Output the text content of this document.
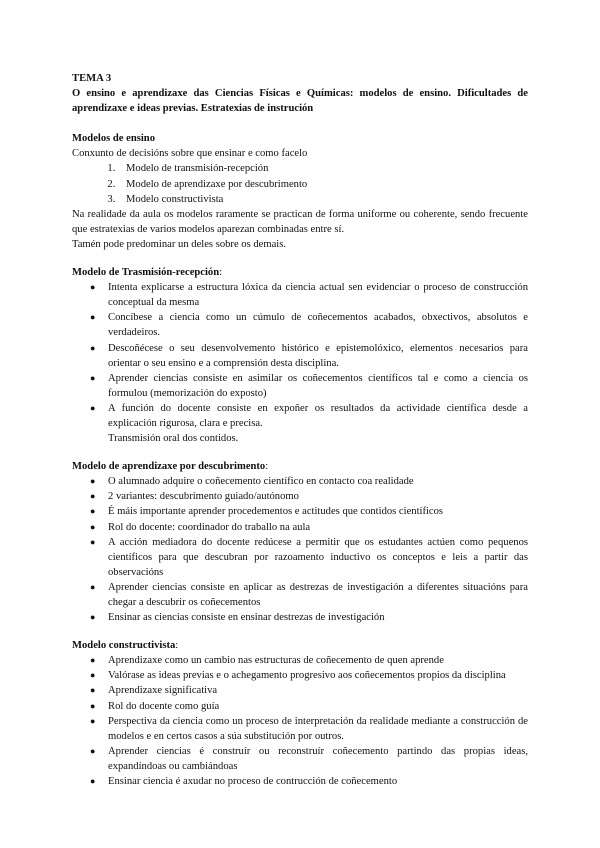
TEMA 3
O ensino e aprendizaxe das Ciencias Físicas e Químicas: modelos de ensino. Dificultades de aprendizaxe e ideas previas. Estratexias de instrución
Modelos de ensino

Conxunto de decisións sobre que ensinar e como facelo

1. Modelo de transmisión-recepción
2. Modelo de aprendizaxe por descubrimento
3. Modelo constructivista

Na realidade da aula os modelos raramente se practican de forma uniforme ou coherente, sendo frecuente que estratexias de varios modelos aparezan combinadas entre sí.

Tamén pode predominar un deles sobre os demais.

Modelo de Trasmisión-recepción:
● Intenta explicarse a estructura lóxica da ciencia actual sen evidenciar o proceso de construcción conceptual da mesma
● Concíbese a ciencia como un cúmulo de coñecementos acabados, obxectivos, absolutos e verdadeiros.
● Descoñécese o seu desenvolvemento histórico e epistemolóxico, elementos necesarios para orientar o seu ensino e a comprensión desta disciplina.
● Aprender ciencias consiste en asimilar os coñecementos científicos tal e como a ciencia os formulou (memorización do exposto)
● A función do docente consiste en expoñer os resultados da actividade científica desde a explicación rigurosa, clara e precisa.
Transmisión oral dos contidos.
Modelo de aprendizaxe por descubrimento:
● O alumnado adquire o coñecemento científico en contacto coa realidade
● 2 variantes: descubrimento guiado/autónomo
● É máis importante aprender procedementos e actitudes que contidos científicos
● Rol do docente: coordinador do traballo na aula
● A acción mediadora do docente redúcese a permitir que os estudantes actúen como pequenos científicos para que descubran por razoamento inductivo os conceptos e leis a partir das observacións
● Aprender ciencias consiste en aplicar as destrezas de investigación a diferentes situacións para chegar a descubrir os coñecementos
● Ensinar as ciencias consiste en ensinar destrezas de investigación
Modelo constructivista:
● Aprendizaxe como un cambio nas estructuras de coñecemento de quen aprende
● Valórase as ideas previas e o achegamento progresivo aos coñecementos propios da disciplina
● Aprendizaxe significativa
● Rol do docente como guía
● Perspectiva da ciencia como un proceso de interpretación da realidade mediante a construcción de modelos e en certos casos a súa substitución por outros.
● Aprender ciencias é construír ou reconstruír coñecemento partindo das propias ideas, expandíndoas ou cambiándoas
● Ensinar ciencia é axudar no proceso de contrucción de coñecemento
